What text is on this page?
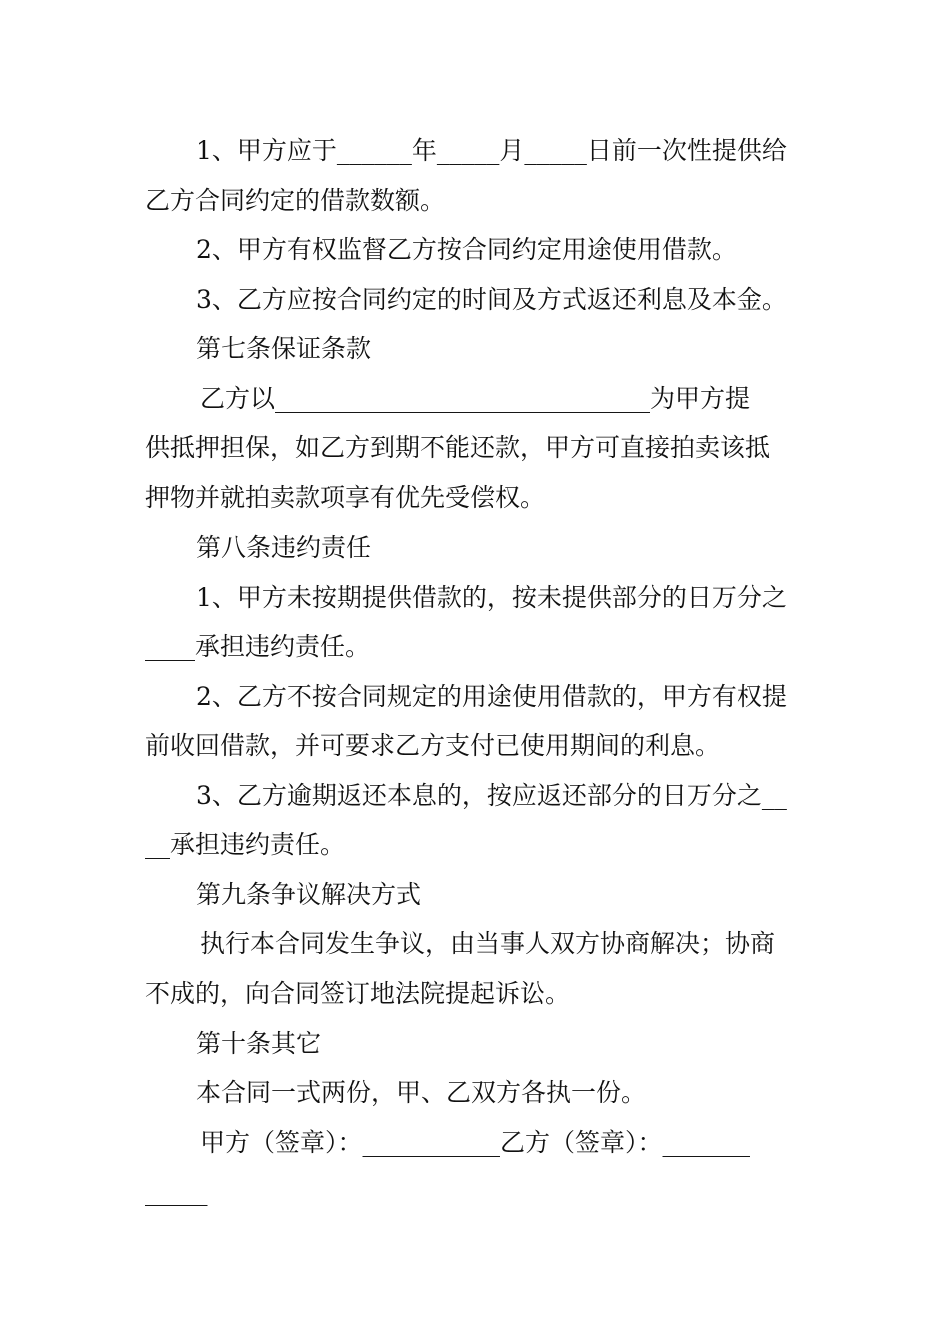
1、甲方应于______年_____月_____日前一次性提供给
乙方合同约定的借款数额。
2、甲方有权监督乙方按合同约定用途使用借款。
3、乙方应按合同约定的时间及方式返还利息及本金。
第七条保证条款
乙方以______________________________为甲方提
供抵押担保，如乙方到期不能还款，甲方可直接拍卖该抵
押物并就拍卖款项享有优先受偿权。
第八条违约责任
1、甲方未按期提供借款的，按未提供部分的日万分之
____承担违约责任。
2、乙方不按合同规定的用途使用借款的，甲方有权提
前收回借款，并可要求乙方支付已使用期间的利息。
3、乙方逾期返还本息的，按应返还部分的日万分之__
__承担违约责任。
第九条争议解决方式
执行本合同发生争议，由当事人双方协商解决；协商
不成的，向合同签订地法院提起诉讼。
第十条其它
本合同一式两份，甲、乙双方各执一份。
甲方（签章）：___________乙方（签章）：_______
_____
